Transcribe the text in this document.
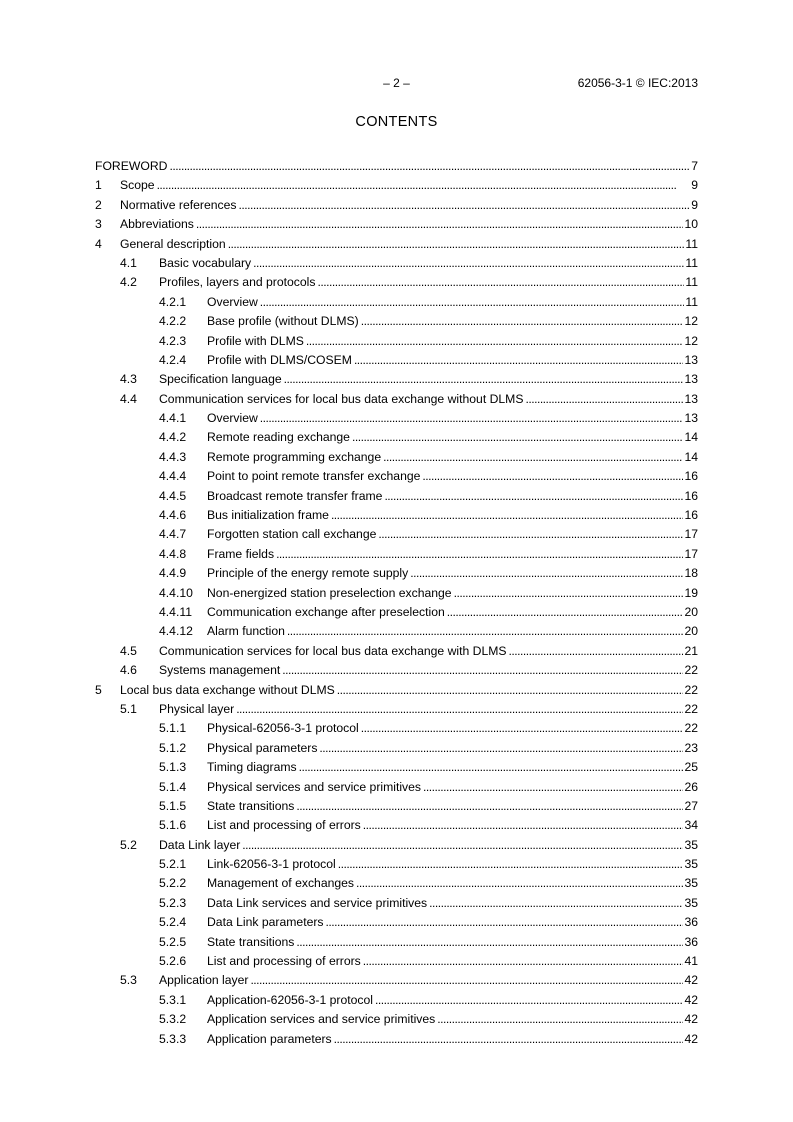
– 2 –	62056-3-1 © IEC:2013
CONTENTS
FOREWORD . . .	7
1	Scope . . .	9
2	Normative references . . .	9
3	Abbreviations . . .	10
4	General description . . .	11
4.1	Basic vocabulary . . .	11
4.2	Profiles, layers and protocols . . .	11
4.2.1	Overview . . .	11
4.2.2	Base profile (without DLMS) . . .	12
4.2.3	Profile with DLMS . . .	12
4.2.4	Profile with DLMS/COSEM . . .	13
4.3	Specification language . . .	13
4.4	Communication services for local bus data exchange without DLMS . . .	13
4.4.1	Overview . . .	13
4.4.2	Remote reading exchange . . .	14
4.4.3	Remote programming exchange . . .	14
4.4.4	Point to point remote transfer exchange . . .	16
4.4.5	Broadcast remote transfer frame . . .	16
4.4.6	Bus initialization frame . . .	16
4.4.7	Forgotten station call exchange . . .	17
4.4.8	Frame fields . . .	17
4.4.9	Principle of the energy remote supply . . .	18
4.4.10	Non-energized station preselection exchange . . .	19
4.4.11	Communication exchange after preselection . . .	20
4.4.12	Alarm function . . .	20
4.5	Communication services for local bus data exchange with DLMS . . .	21
4.6	Systems management . . .	22
5	Local bus data exchange without DLMS . . .	22
5.1	Physical layer . . .	22
5.1.1	Physical-62056-3-1 protocol . . .	22
5.1.2	Physical parameters . . .	23
5.1.3	Timing diagrams . . .	25
5.1.4	Physical services and service primitives . . .	26
5.1.5	State transitions . . .	27
5.1.6	List and processing of errors . . .	34
5.2	Data Link layer . . .	35
5.2.1	Link-62056-3-1 protocol . . .	35
5.2.2	Management of exchanges . . .	35
5.2.3	Data Link services and service primitives . . .	35
5.2.4	Data Link parameters . . .	36
5.2.5	State transitions . . .	36
5.2.6	List and processing of errors . . .	41
5.3	Application layer . . .	42
5.3.1	Application-62056-3-1 protocol . . .	42
5.3.2	Application services and service primitives . . .	42
5.3.3	Application parameters . . .	42
